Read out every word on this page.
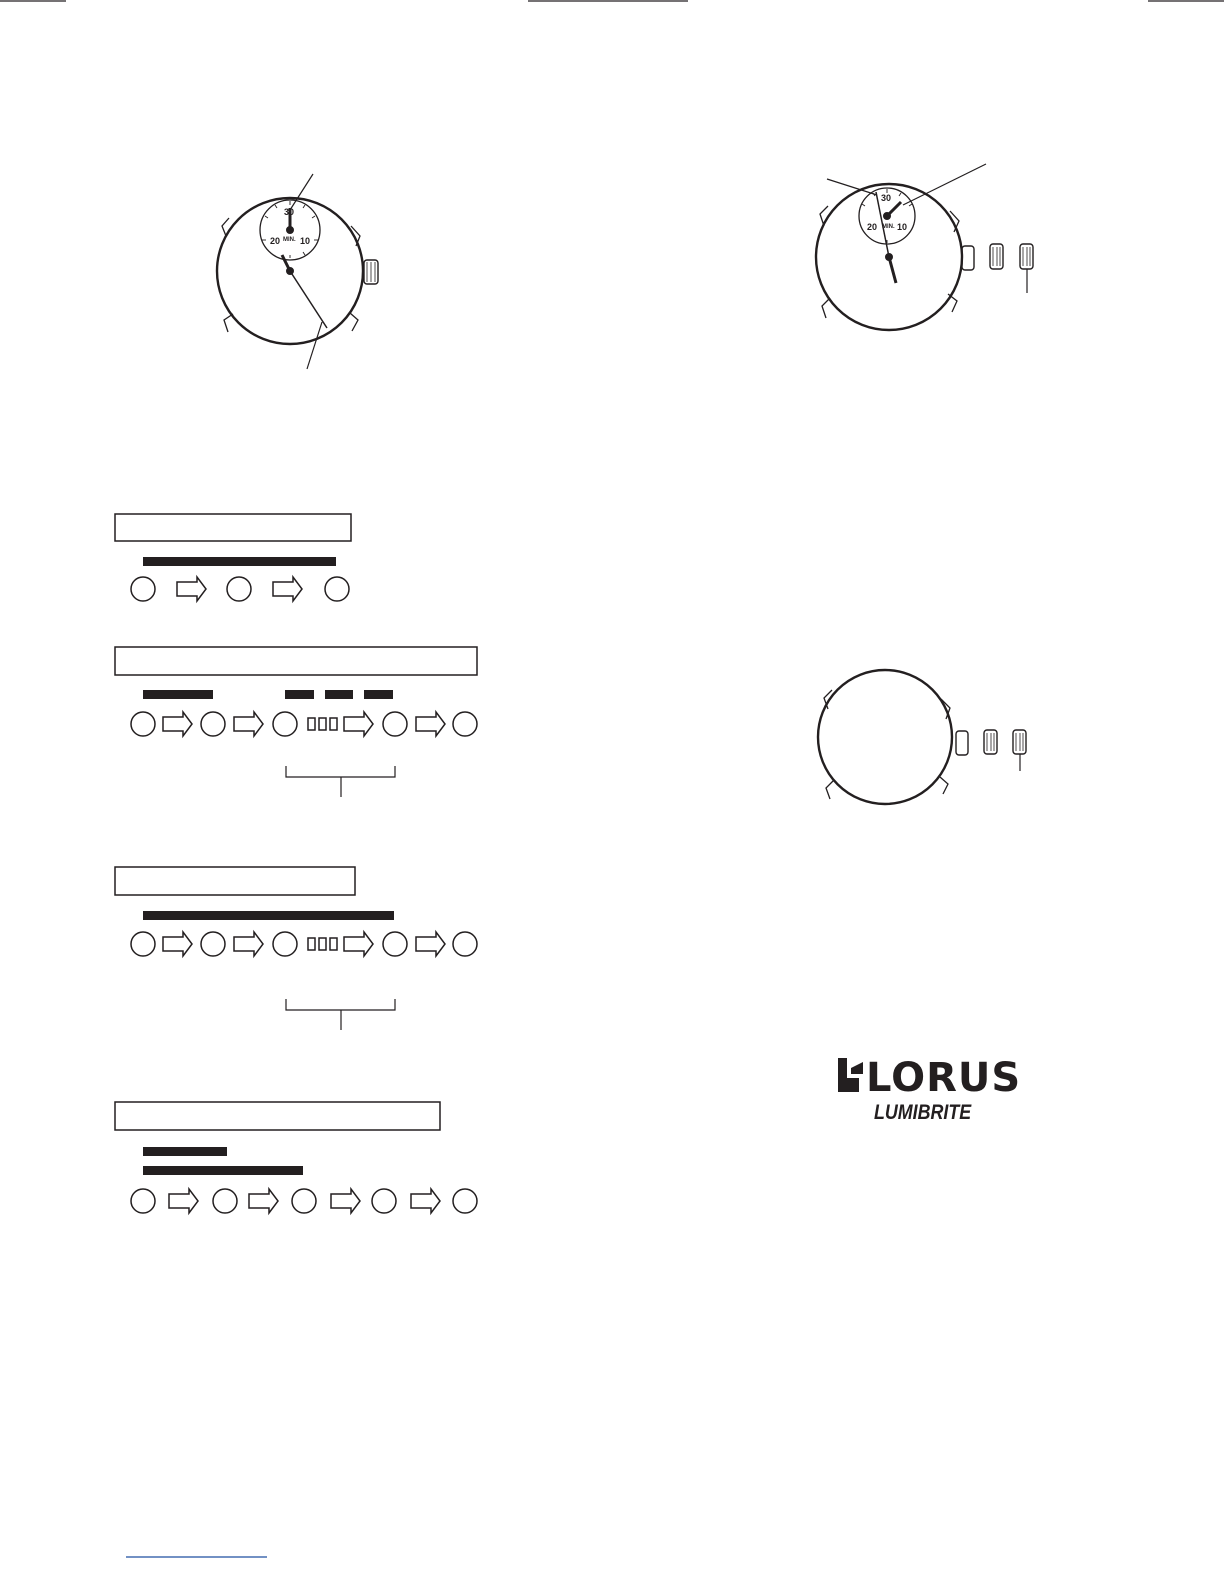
30
MIN.
20 10
30
MIN.
20 10
LORUS
LUMIBRITE
